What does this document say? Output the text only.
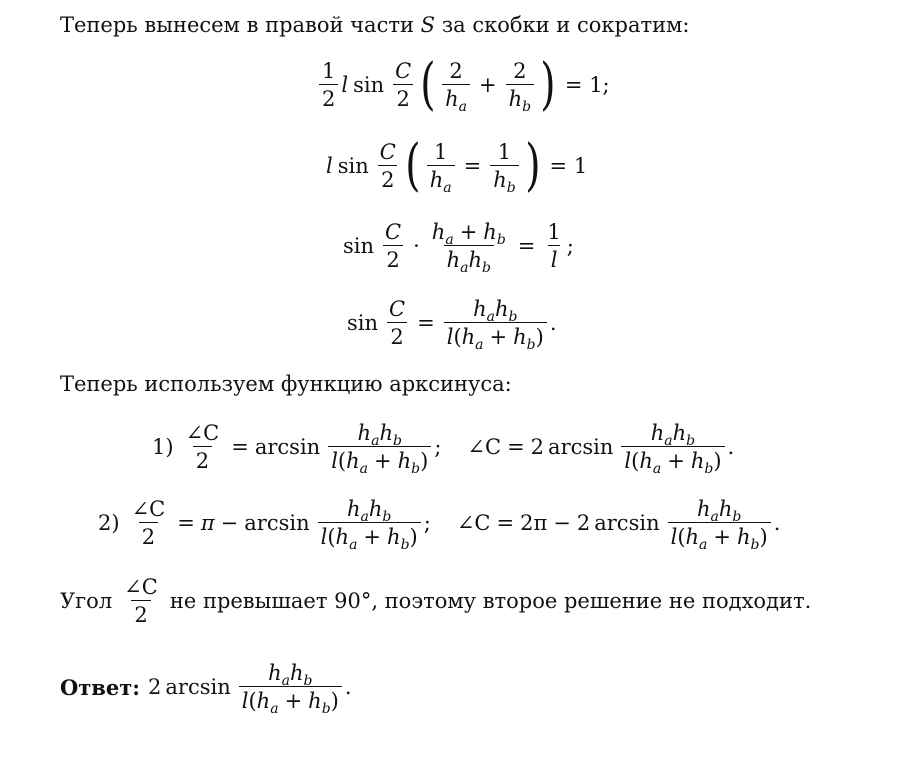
Теперь вынесем в правой части S за скобки и сократим:
$\frac{1}{2}$ l $\sin \frac{C}{2}$ ( $\frac{2}{h_a} + \frac{2}{h_b}$ ) = 1;
l $\sin \frac{C}{2}$ ( $\frac{1}{h_a} = \frac{1}{h_b}$ ) = 1
$\sin \frac{C}{2} \cdot \frac{h_a + h_b}{h_ah_b} = \frac{1}{l}$ ;
$\sin \frac{C}{2} = \frac{h_ah_b}{l(h_a + h_b)}$ .
Теперь используем функцию арксинуса:
$1) \frac{\angle C}{2} = \arcsin \frac{h_ah_b}{l(h_a + h_b)}$ ; ∠C = 2 $\arcsin \frac{h_ah_b}{l(h_a + h_b)}$ .
$2) \frac{\angle C}{2} = \pi - \arcsin \frac{h_ah_b}{l(h_a + h_b)}$ ; ∠C = 2π − 2 $\arcsin \frac{h_ah_b}{l(h_a + h_b)}$ .
Угол $\frac{\angle C}{2}$ не превышает 90°, поэтому второе решение не подходит.
Ответ: 2 $\arcsin \frac{h_ah_b}{l(h_a + h_b)}$ .
